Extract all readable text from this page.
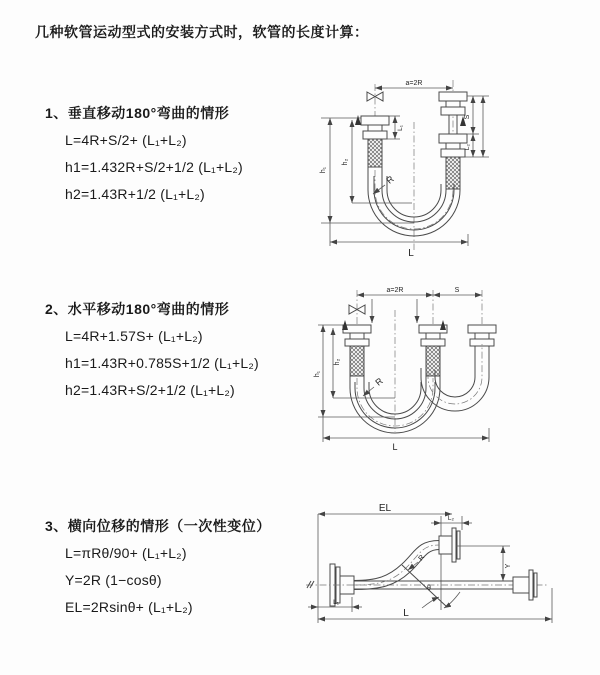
几种软管运动型式的安装方式时，软管的长度计算：
1、垂直移动180°弯曲的情形
L=4R+S/2+ (L₁+L₂)
h1=1.432R+S/2+1/2 (L₁+L₂)
h2=1.43R+1/2 (L₁+L₂)
2、水平移动180°弯曲的情形
L=4R+1.57S+ (L₁+L₂)
h1=1.43R+0.785S+1/2 (L₁+L₂)
h2=1.43R+S/2+1/2 (L₁+L₂)
3、横向位移的情形（一次性变位）
L=πRθ/90+ (L₁+L₂)
Y=2R (1−cosθ)
EL=2Rsinθ+ (L₁+L₂)
a=2R
h₁
h₂
L₁
S
L₂
R
L
a=2R	S
h₁
h₂
R
L
EL
L₂
R
θ
Y
L₁
L
